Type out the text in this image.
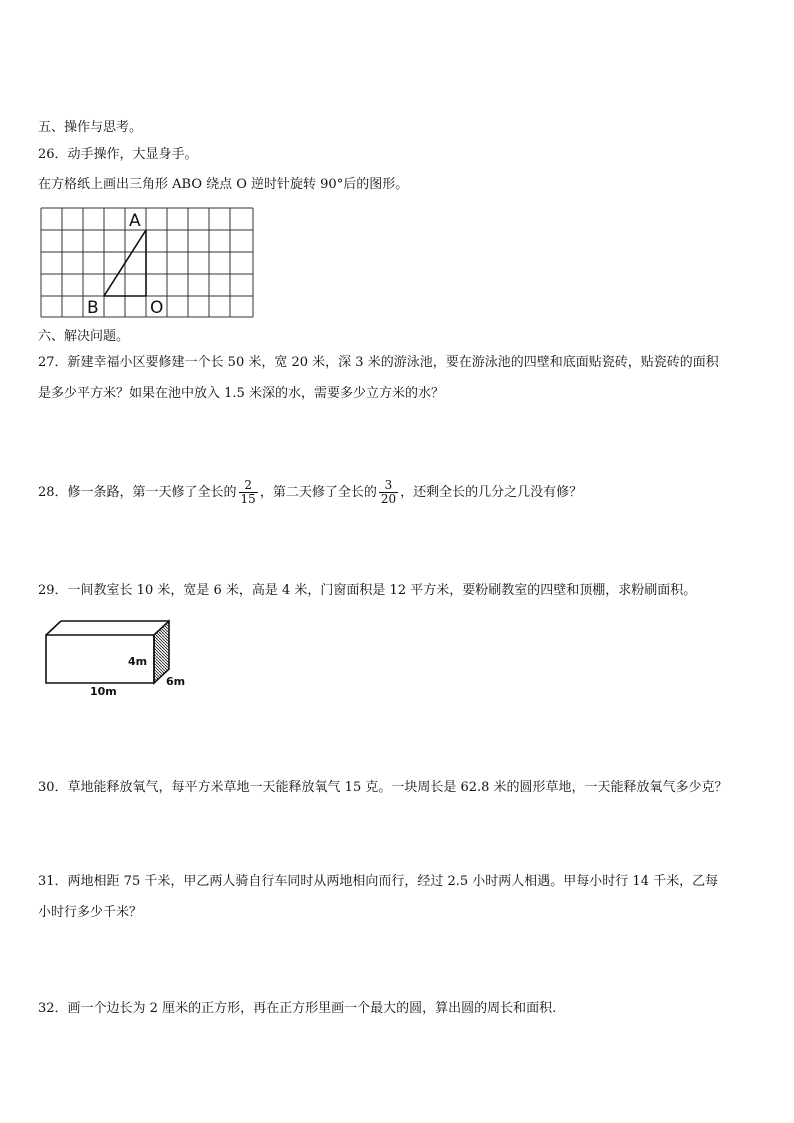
五、操作与思考。
26．动手操作，大显身手。
在方格纸上画出三角形 ABO 绕点 O 逆时针旋转 90°后的图形。
A
B	O
六、解决问题。
27．新建幸福小区要修建一个长 50 米，宽 20 米，深 3 米的游泳池，要在游泳池的四壁和底面贴瓷砖，贴瓷砖的面积
是多少平方米？如果在池中放入 1.5 米深的水，需要多少立方米的水？
28．修一条路，第一天修了全长的 $\frac{2}{15}$ ，第二天修了全长的 $\frac{3}{20}$ ，还剩全长的几分之几没有修？
29．一间教室长 10 米，宽是 6 米，高是 4 米，门窗面积是 12 平方米，要粉刷教室的四壁和顶棚，求粉刷面积。
4m
10m
6m
30．草地能释放氧气，每平方米草地一天能释放氧气 15 克。一块周长是 62.8 米的圆形草地，一天能释放氧气多少克？
31．两地相距 75 千米，甲乙两人骑自行车同时从两地相向而行，经过 2.5 小时两人相遇。甲每小时行 14 千米，乙每
小时行多少千米？
32．画一个边长为 2 厘米的正方形，再在正方形里画一个最大的圆，算出圆的周长和面积.
